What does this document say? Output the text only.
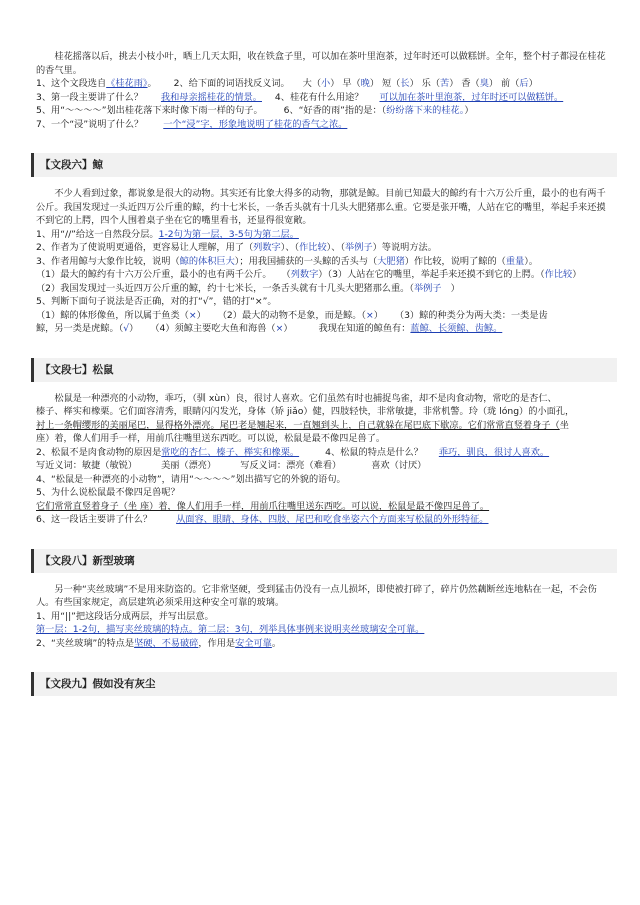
桂花摇落以后，挑去小枝小叶，晒上几天太阳，收在铁盒子里，可以加在茶叶里泡茶，过年时还可以做糕饼。全年，整个村子都浸在桂花的香气里。

1、这个文段选自《桂花雨》。 2、给下面的词语找反义词。 大（小） 早（晚） 短（长） 乐（苦） 香（臭） 前（后）

3、第一段主要讲了什么？ 我和母亲摇桂花的情景。 4、桂花有什么用途？ 可以加在茶叶里泡茶，过年时还可以做糕饼。

5、用“～～～～”划出桂花落下来时像下雨一样的句子。 6、“好香的雨”指的是：（纷纷落下来的桂花。）

7、一个“浸”说明了什么？ 一个“浸”字，形象地说明了桂花的香气之浓。

【文段六】鲸

不少人看到过象，都说象是很大的动物。其实还有比象大得多的动物，那就是鲸。目前已知最大的鲸约有十六万公斤重，最小的也有两千公斤。我国发现过一头近四万公斤重的鲸，约十七米长，一条舌头就有十几头大肥猪那么重。它要是张开嘴，人站在它的嘴里，举起手来还摸不到它的上腭，四个人围着桌子坐在它的嘴里看书，还显得很宽敞。

1、用“//”给这一自然段分层。1-2句为第一层，3-5句为第二层。

2、作者为了使说明更通俗，更容易让人理解，用了（列数字）、（作比较）、（举例子）等说明方法。

3、作者用鲸与大象作比较，说明（鲸的体积巨大）；用我国捕获的一头鲸的舌头与（大肥猪）作比较，说明了鲸的（重量）。

（1）最大的鲸约有十六万公斤重，最小的也有两千公斤。 （列数字）（3）人站在它的嘴里，举起手来还摸不到它的上腭。（作比较）

（2）我国发现过一头近四万公斤重的鲸，约十七米长，一条舌头就有十几头大肥猪那么重。（举例子　）

5、判断下面句子说法是否正确，对的打“√”，错的打“×”。

（1）鲸的体形像鱼，所以属于鱼类（×） （2）最大的动物不是象，而是鲸。（×） （3）鲸的种类分为两大类：一类是齿

鲸，另一类是虎鲸。（√） （4）须鲸主要吃大鱼和海兽（×）	我现在知道的鲸鱼有：蓝鲸、长须鲸、齿鲸。

【文段七】松鼠

松鼠是一种漂亮的小动物，乖巧，（驯 xùn）良，很讨人喜欢。它们虽然有时也捕捉鸟雀，却不是肉食动物，常吃的是杏仁、

榛子、榉实和橡栗。它们面容清秀，眼睛闪闪发光，身体（矫 jiǎo）健，四肢轻快，非常敏捷，非常机警。玲（珑 lóng）的小面孔，

衬上一条帽缨形的美丽尾巴，显得格外漂亮。尾巴老是翘起来，一直翘到头上，自己就躲在尾巴底下歇凉。它们常常直竖着身子（坐

座）着，像人们用手一样，用前爪往嘴里送东西吃。可以说，松鼠是最不像四足兽了。

2、松鼠不是肉食动物的原因是常吃的杏仁、榛子、榉实和橡栗。	4、松鼠的特点是什么？ 乖巧，驯良，很讨人喜欢。

写近义词：敏捷（敏锐）	美丽（漂亮）	写反义词：漂亮（难看）	喜欢（讨厌）

4、“松鼠是一种漂亮的小动物”，请用“～～～～”划出描写它的外貌的语句。

5、为什么说松鼠最不像四足兽呢？

它们常常直竖着身子（坐 座）着，像人们用手一样，用前爪往嘴里送东西吃。可以说，松鼠是最不像四足兽了。

6、这一段话主要讲了什么？	从面容、眼睛、身体、四肢、尾巴和吃食坐姿六个方面来写松鼠的外形特征。

【文段八】新型玻璃

另一种“夹丝玻璃”不是用来防盗的。它非常坚硬，受到猛击仍没有一点儿损坏，即使被打碎了，碎片仍然藕断丝连地粘在一起，不会伤人。有些国家规定，高层建筑必须采用这种安全可靠的玻璃。

1、用“||”把这段话分成两层，并写出层意。

第一层：1-2句，描写夹丝玻璃的特点。第二层：3句，列举具体事例来说明夹丝玻璃安全可靠。

2、“夹丝玻璃”的特点是坚硬、不易破碎，作用是安全可靠。

【文段九】假如没有灰尘
